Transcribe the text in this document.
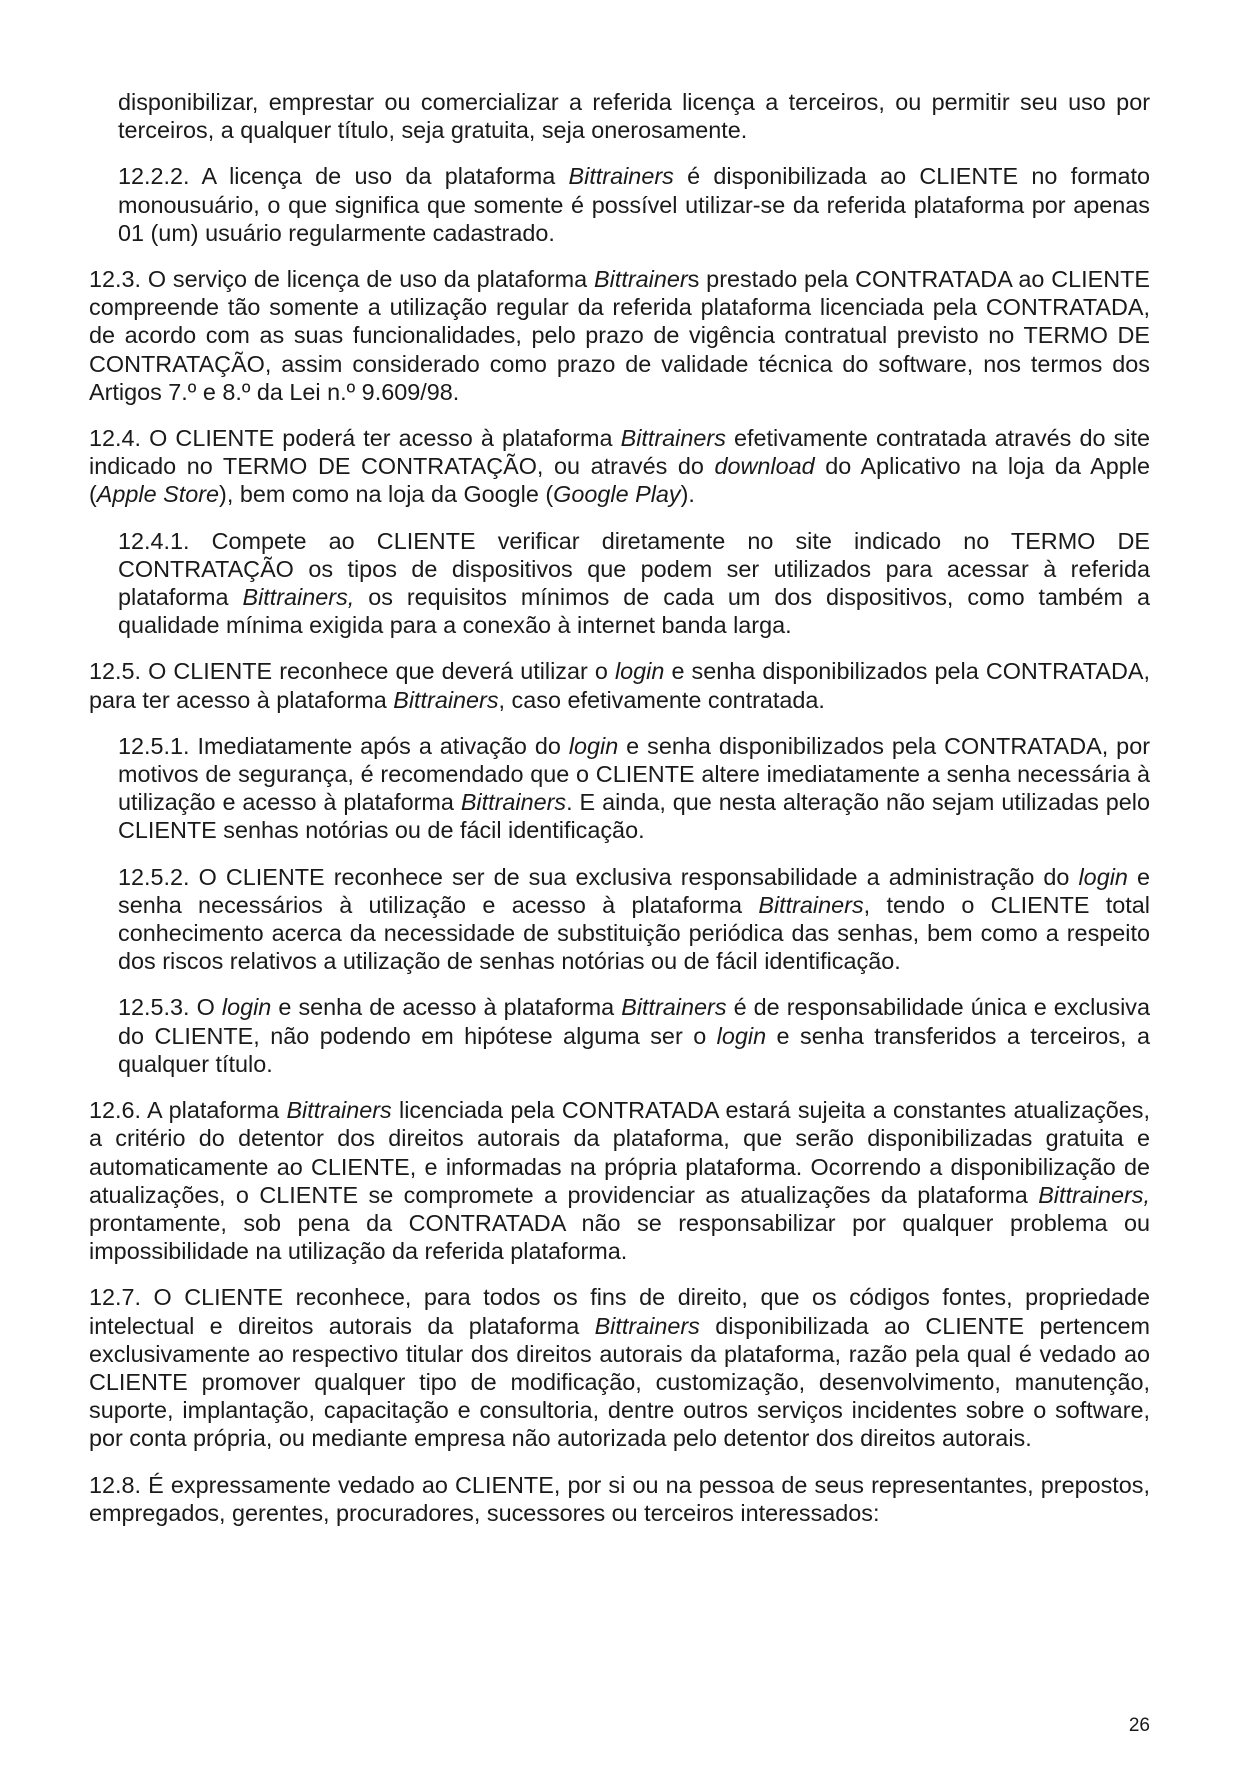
disponibilizar, emprestar ou comercializar a referida licença a terceiros, ou permitir seu uso por terceiros, a qualquer título, seja gratuita, seja onerosamente.

12.2.2. A licença de uso da plataforma Bittrainers é disponibilizada ao CLIENTE no formato monousuário, o que significa que somente é possível utilizar-se da referida plataforma por apenas 01 (um) usuário regularmente cadastrado.

12.3. O serviço de licença de uso da plataforma Bittrainers prestado pela CONTRATADA ao CLIENTE compreende tão somente a utilização regular da referida plataforma licenciada pela CONTRATADA, de acordo com as suas funcionalidades, pelo prazo de vigência contratual previsto no TERMO DE CONTRATAÇÃO, assim considerado como prazo de validade técnica do software, nos termos dos Artigos 7.º e 8.º da Lei n.º 9.609/98.

12.4. O CLIENTE poderá ter acesso à plataforma Bittrainers efetivamente contratada através do site indicado no TERMO DE CONTRATAÇÃO, ou através do download do Aplicativo na loja da Apple (Apple Store), bem como na loja da Google (Google Play).

12.4.1. Compete ao CLIENTE verificar diretamente no site indicado no TERMO DE CONTRATAÇÃO os tipos de dispositivos que podem ser utilizados para acessar à referida plataforma Bittrainers, os requisitos mínimos de cada um dos dispositivos, como também a qualidade mínima exigida para a conexão à internet banda larga.

12.5. O CLIENTE reconhece que deverá utilizar o login e senha disponibilizados pela CONTRATADA, para ter acesso à plataforma Bittrainers, caso efetivamente contratada.

12.5.1. Imediatamente após a ativação do login e senha disponibilizados pela CONTRATADA, por motivos de segurança, é recomendado que o CLIENTE altere imediatamente a senha necessária à utilização e acesso à plataforma Bittrainers. E ainda, que nesta alteração não sejam utilizadas pelo CLIENTE senhas notórias ou de fácil identificação.

12.5.2. O CLIENTE reconhece ser de sua exclusiva responsabilidade a administração do login e senha necessários à utilização e acesso à plataforma Bittrainers, tendo o CLIENTE total conhecimento acerca da necessidade de substituição periódica das senhas, bem como a respeito dos riscos relativos a utilização de senhas notórias ou de fácil identificação.

12.5.3. O login e senha de acesso à plataforma Bittrainers é de responsabilidade única e exclusiva do CLIENTE, não podendo em hipótese alguma ser o login e senha transferidos a terceiros, a qualquer título.

12.6. A plataforma Bittrainers licenciada pela CONTRATADA estará sujeita a constantes atualizações, a critério do detentor dos direitos autorais da plataforma, que serão disponibilizadas gratuita e automaticamente ao CLIENTE, e informadas na própria plataforma. Ocorrendo a disponibilização de atualizações, o CLIENTE se compromete a providenciar as atualizações da plataforma Bittrainers, prontamente, sob pena da CONTRATADA não se responsabilizar por qualquer problema ou impossibilidade na utilização da referida plataforma.

12.7. O CLIENTE reconhece, para todos os fins de direito, que os códigos fontes, propriedade intelectual e direitos autorais da plataforma Bittrainers disponibilizada ao CLIENTE pertencem exclusivamente ao respectivo titular dos direitos autorais da plataforma, razão pela qual é vedado ao CLIENTE promover qualquer tipo de modificação, customização, desenvolvimento, manutenção, suporte, implantação, capacitação e consultoria, dentre outros serviços incidentes sobre o software, por conta própria, ou mediante empresa não autorizada pelo detentor dos direitos autorais.

12.8. É expressamente vedado ao CLIENTE, por si ou na pessoa de seus representantes, prepostos, empregados, gerentes, procuradores, sucessores ou terceiros interessados:

26
